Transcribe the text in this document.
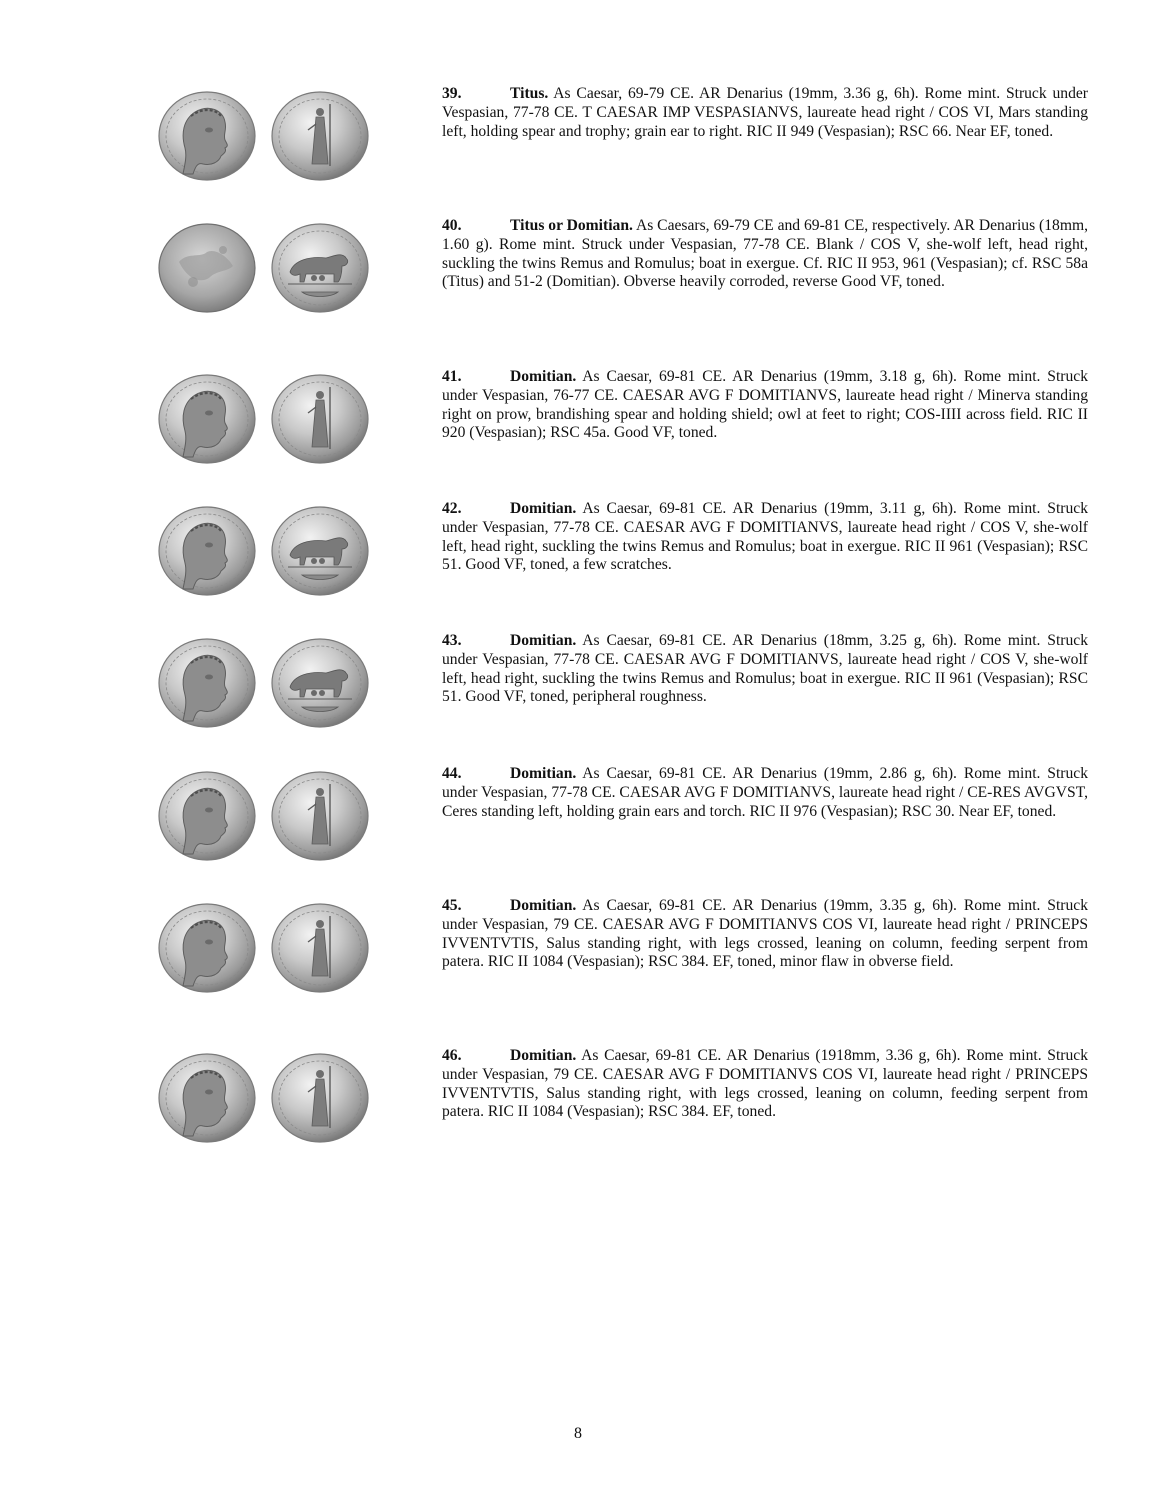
39.	Titus. As Caesar, 69-79 CE. AR Denarius (19mm, 3.36 g, 6h). Rome mint. Struck under Vespasian, 77-78 CE. T CAESAR IMP VESPASIANVS, laureate head right / COS VI, Mars standing left, holding spear and trophy; grain ear to right. RIC II 949 (Vespasian); RSC 66. Near EF, toned.

40.	Titus or Domitian. As Caesars, 69-79 CE and 69-81 CE, respectively. AR Denarius (18mm, 1.60 g). Rome mint. Struck under Vespasian, 77-78 CE. Blank / COS V, she-wolf left, head right, suckling the twins Remus and Romulus; boat in exergue. Cf. RIC II 953, 961 (Vespasian); cf. RSC 58a (Titus) and 51-2 (Domitian). Obverse heavily corroded, reverse Good VF, toned.

41.	Domitian. As Caesar, 69-81 CE. AR Denarius (19mm, 3.18 g, 6h). Rome mint. Struck under Vespasian, 76-77 CE. CAESAR AVG F DOMITIANVS, laureate head right / Minerva standing right on prow, brandishing spear and holding shield; owl at feet to right; COS-IIII across field. RIC II 920 (Vespasian); RSC 45a. Good VF, toned.

42.	Domitian. As Caesar, 69-81 CE. AR Denarius (19mm, 3.11 g, 6h). Rome mint. Struck under Vespasian, 77-78 CE. CAESAR AVG F DOMITIANVS, laureate head right / COS V, she-wolf left, head right, suckling the twins Remus and Romulus; boat in exergue. RIC II 961 (Vespasian); RSC 51. Good VF, toned, a few scratches.

43.	Domitian. As Caesar, 69-81 CE. AR Denarius (18mm, 3.25 g, 6h). Rome mint. Struck under Vespasian, 77-78 CE. CAESAR AVG F DOMITIANVS, laureate head right / COS V, she-wolf left, head right, suckling the twins Remus and Romulus; boat in exergue. RIC II 961 (Vespasian); RSC 51. Good VF, toned, peripheral roughness.

44.	Domitian. As Caesar, 69-81 CE. AR Denarius (19mm, 2.86 g, 6h). Rome mint. Struck under Vespasian, 77-78 CE. CAESAR AVG F DOMITIANVS, laureate head right / CE-RES AVGVST, Ceres standing left, holding grain ears and torch. RIC II 976 (Vespasian); RSC 30. Near EF, toned.

45.	Domitian. As Caesar, 69-81 CE. AR Denarius (19mm, 3.35 g, 6h). Rome mint. Struck under Vespasian, 79 CE. CAESAR AVG F DOMITIANVS COS VI, laureate head right / PRINCEPS IVVENTVTIS, Salus standing right, with legs crossed, leaning on column, feeding serpent from patera. RIC II 1084 (Vespasian); RSC 384. EF, toned, minor flaw in obverse field.

46.	Domitian. As Caesar, 69-81 CE. AR Denarius (1918mm, 3.36 g, 6h). Rome mint. Struck under Vespasian, 79 CE. CAESAR AVG F DOMITIANVS COS VI, laureate head right / PRINCEPS IVVENTVTIS, Salus standing right, with legs crossed, leaning on column, feeding serpent from patera. RIC II 1084 (Vespasian); RSC 384. EF, toned.

8
